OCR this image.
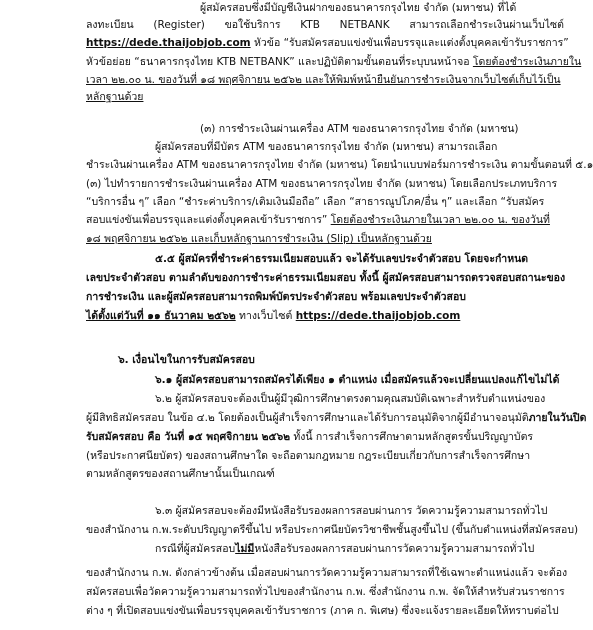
ผู้สมัครสอบซึ่งมีบัญชีเงินฝากของธนาคารกรุงไทย จำกัด (มหาชน) ที่ได้
ลงทะเบียน (Register) ขอใช้บริการ KTB NETBANK สามารถเลือกชำระเงินผ่านเว็บไซต์
https://dede.thaijobjob.com หัวข้อ “รับสมัครสอบแข่งขันเพื่อบรรจุและแต่งตั้งบุคคลเข้ารับราชการ”
หัวข้อย่อย “ธนาคารกรุงไทย KTB NETBANK” และปฏิบัติตามขั้นตอนที่ระบุบนหน้าจอ โดยต้องชำระเงินภายใน
เวลา ๒๒.๐๐ น. ของวันที่ ๑๘ พฤศจิกายน ๒๕๖๒ และให้พิมพ์หน้ายืนยันการชำระเงินจากเว็บไซต์เก็บไว้เป็น
หลักฐานด้วย
(๓) การชำระเงินผ่านเครื่อง ATM ของธนาคารกรุงไทย จำกัด (มหาชน)
ผู้สมัครสอบที่มีบัตร ATM ของธนาคารกรุงไทย จำกัด (มหาชน) สามารถเลือก
ชำระเงินผ่านเครื่อง ATM ของธนาคารกรุงไทย จำกัด (มหาชน) โดยนำแบบฟอร์มการชำระเงิน ตามขั้นตอนที่ ๕.๑
(๓) ไปทำรายการชำระเงินผ่านเครื่อง ATM ของธนาคารกรุงไทย จำกัด (มหาชน) โดยเลือกประเภทบริการ
“บริการอื่น ๆ” เลือก “ชำระค่าบริการ/เติมเงินมือถือ” เลือก “สาธารณูปโภค/อื่น ๆ” และเลือก “รับสมัคร
สอบแข่งขันเพื่อบรรจุและแต่งตั้งบุคคลเข้ารับราชการ” โดยต้องชำระเงินภายในเวลา ๒๒.๐๐ น. ของวันที่
๑๘ พฤศจิกายน ๒๕๖๒ และเก็บหลักฐานการชำระเงิน (Slip) เป็นหลักฐานด้วย
๕.๕ ผู้สมัครที่ชำระค่าธรรมเนียมสอบแล้ว จะได้รับเลขประจำตัวสอบ โดยจะกำหนด
เลขประจำตัวสอบ ตามลำดับของการชำระค่าธรรมเนียมสอบ ทั้งนี้ ผู้สมัครสอบสามารถตรวจสอบสถานะของ
การชำระเงิน และผู้สมัครสอบสามารถพิมพ์บัตรประจำตัวสอบ พร้อมเลขประจำตัวสอบ
ได้ตั้งแต่วันที่ ๑๑ ธันวาคม ๒๕๖๒ ทางเว็บไซต์ https://dede.thaijobjob.com
๖. เงื่อนไขในการรับสมัครสอบ
๖.๑ ผู้สมัครสอบสามารถสมัครได้เพียง ๑ ตำแหน่ง เมื่อสมัครแล้วจะเปลี่ยนแปลงแก้ไขไม่ได้
๖.๒ ผู้สมัครสอบจะต้องเป็นผู้มีวุฒิการศึกษาตรงตามคุณสมบัติเฉพาะสำหรับตำแหน่งของ
ผู้มีสิทธิสมัครสอบ ในข้อ ๔.๒ โดยต้องเป็นผู้สำเร็จการศึกษาและได้รับการอนุมัติจากผู้มีอำนาจอนุมัติภายในวันปิด
รับสมัครสอบ คือ วันที่ ๑๕ พฤศจิกายน ๒๕๖๒ ทั้งนี้ การสำเร็จการศึกษาตามหลักสูตรขั้นปริญญาบัตร
(หรือประกาศนียบัตร) ของสถานศึกษาใด จะถือตามกฎหมาย กฎระเบียบเกี่ยวกับการสำเร็จการศึกษา
ตามหลักสูตรของสถานศึกษานั้นเป็นเกณฑ์
๖.๓ ผู้สมัครสอบจะต้องมีหนังสือรับรองผลการสอบผ่านการ วัดความรู้ความสามารถทั่วไป
ของสำนักงาน ก.พ.ระดับปริญญาตรีขึ้นไป หรือประกาศนียบัตรวิชาชีพชั้นสูงขึ้นไป (ขึ้นกับตำแหน่งที่สมัครสอบ)
กรณีที่ผู้สมัครสอบไม่มีหนังสือรับรองผลการสอบผ่านการวัดความรู้ความสามารถทั่วไป
ของสำนักงาน ก.พ. ดังกล่าวข้างต้น เมื่อสอบผ่านการวัดความรู้ความสามารถที่ใช้เฉพาะตำแหน่งแล้ว จะต้อง
สมัครสอบเพื่อวัดความรู้ความสามารถทั่วไปของสำนักงาน ก.พ. ซึ่งสำนักงาน ก.พ. จัดให้สำหรับส่วนราชการ
ต่าง ๆ ที่เปิดสอบแข่งขันเพื่อบรรจุบุคคลเข้ารับราชการ (ภาค ก. พิเศษ) ซึ่งจะแจ้งรายละเอียดให้ทราบต่อไป
